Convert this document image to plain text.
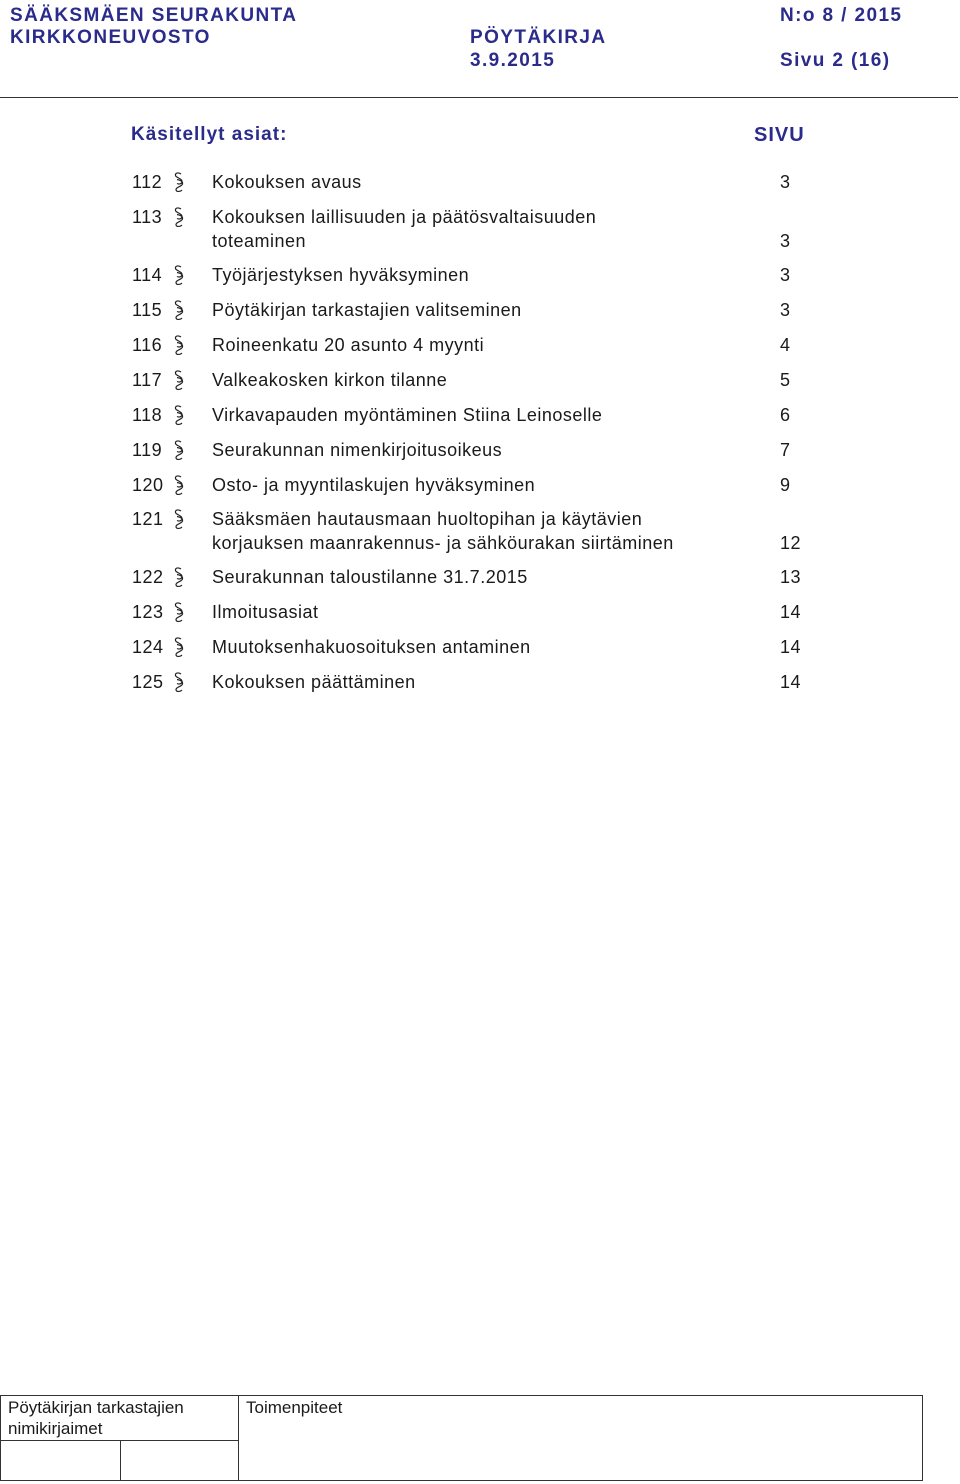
SÄÄKSMÄEN SEURAKUNTA
KIRKKONEUVOSTO	PÖYTÄKIRJA
3.9.2015
N:o 8 / 2015
Sivu 2 (16)
Käsitellyt asiat:	SIVU
112	Kokouksen avaus	3
113	Kokouksen laillisuuden ja päätösvaltaisuuden
toteaminen	3
114	Työjärjestyksen hyväksyminen	3
115	Pöytäkirjan tarkastajien valitseminen	3
116	Roineenkatu 20 asunto 4 myynti	4
117	Valkeakosken kirkon tilanne	5
118	Virkavapauden myöntäminen Stiina Leinoselle	6
119	Seurakunnan nimenkirjoitusoikeus	7
120	Osto- ja myyntilaskujen hyväksyminen	9
121	Sääksmäen hautausmaan huoltopihan ja käytävien
korjauksen maanrakennus- ja sähköurakan siirtäminen	12
122	Seurakunnan taloustilanne 31.7.2015	13
123	Ilmoitusasiat	14
124	Muutoksenhakuosoituksen antaminen	14
125	Kokouksen päättäminen	14
Pöytäkirjan tarkastajien
nimikirjaimet
Toimenpiteet
